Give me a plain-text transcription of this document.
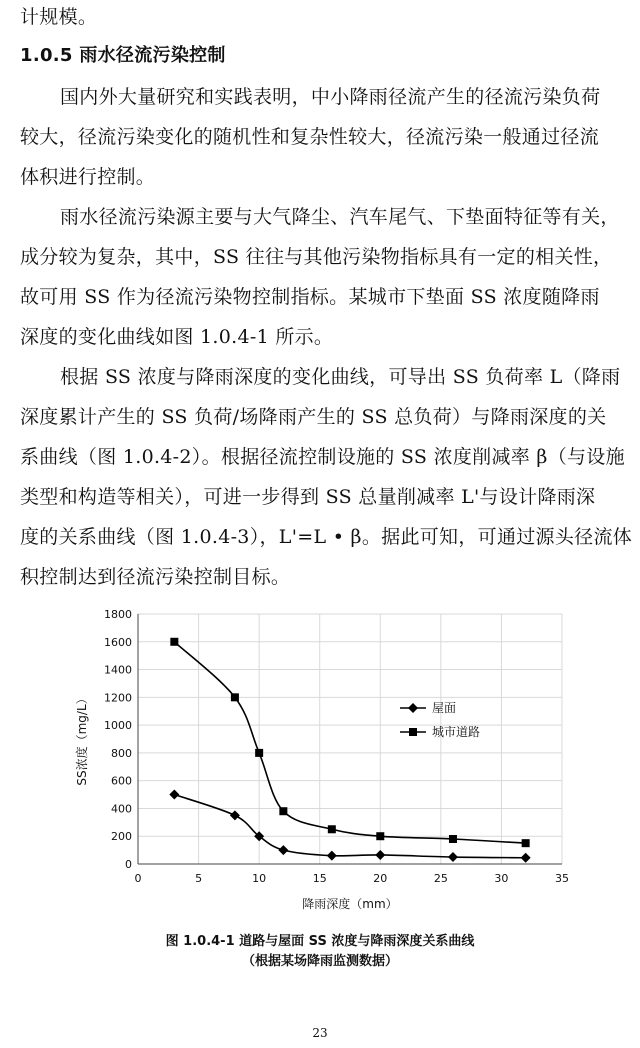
计规模。
1.0.5 雨水径流污染控制
国内外大量研究和实践表明，中小降雨径流产生的径流污染负荷
较大，径流污染变化的随机性和复杂性较大，径流污染一般通过径流
体积进行控制。
雨水径流污染源主要与大气降尘、汽车尾气、下垫面特征等有关，
成分较为复杂，其中，SS 往往与其他污染物指标具有一定的相关性，
故可用 SS 作为径流污染物控制指标。某城市下垫面 SS 浓度随降雨
深度的变化曲线如图 1.0.4-1 所示。
根据 SS 浓度与降雨深度的变化曲线，可导出 SS 负荷率 L（降雨
深度累计产生的 SS 负荷/场降雨产生的 SS 总负荷）与降雨深度的关
系曲线（图 1.0.4-2）。根据径流控制设施的 SS 浓度削减率 β（与设施
类型和构造等相关），可进一步得到 SS 总量削减率 L'与设计降雨深
度的关系曲线（图 1.0.4-3），L'=L • β。据此可知，可通过源头径流体
积控制达到径流污染控制目标。
0
200
400
600
800
1000
1200
1400
1600
1800
0	5	10	15	20	25	30	35
降雨深度（mm）
SS浓度（mg/L）	屋面
城市道路
图 1.0.4-1 道路与屋面 SS 浓度与降雨深度关系曲线
（根据某场降雨监测数据）
23
